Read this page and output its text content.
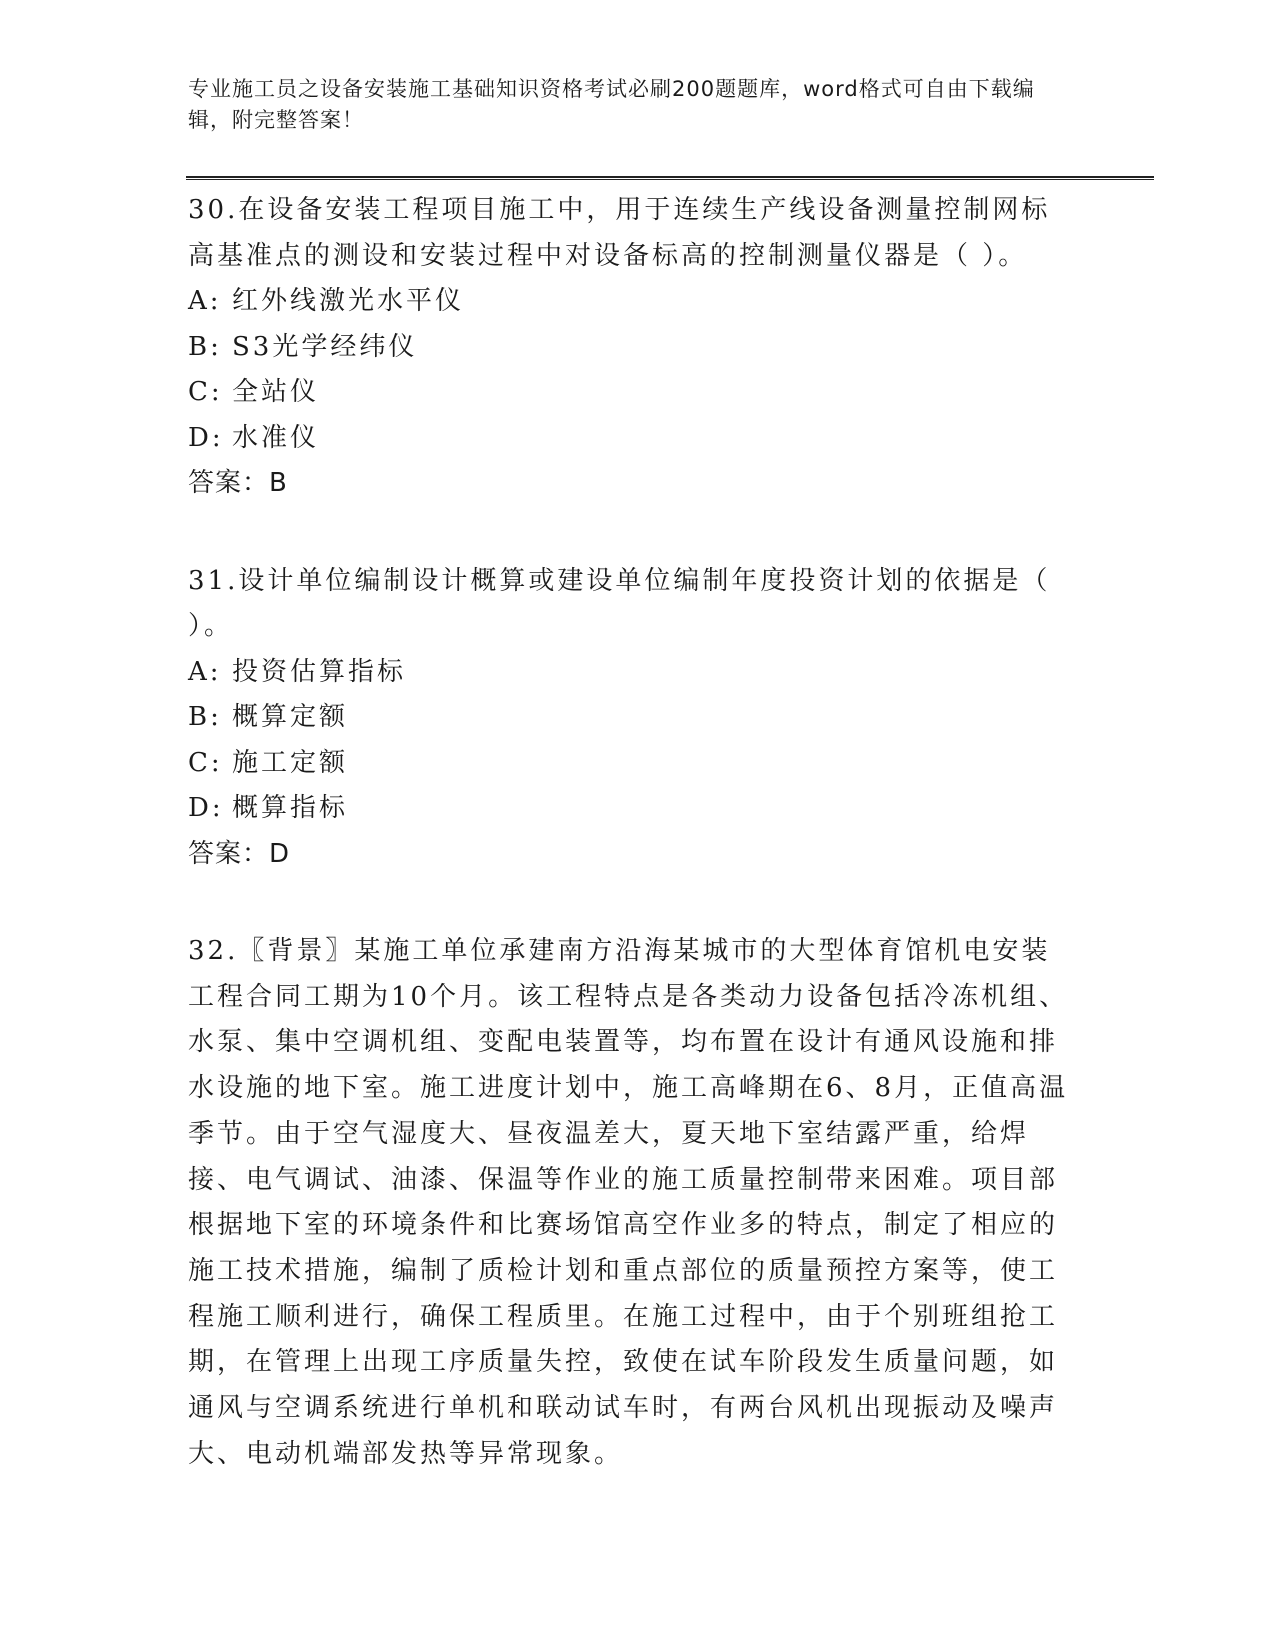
专业施工员之设备安装施工基础知识资格考试必刷200题题库，word格式可自由下载编辑，附完整答案！

30.在设备安装工程项目施工中，用于连续生产线设备测量控制网标高基准点的测设和安装过程中对设备标高的控制测量仪器是（ ）。

A: 红外线激光水平仪

B: S3光学经纬仪

C: 全站仪

D: 水准仪

答案：B

31.设计单位编制设计概算或建设单位编制年度投资计划的依据是（ ）。

A: 投资估算指标

B: 概算定额

C: 施工定额

D: 概算指标

答案：D

32.〖背景〗某施工单位承建南方沿海某城市的大型体育馆机电安装工程合同工期为10个月。该工程特点是各类动力设备包括冷冻机组、水泵、集中空调机组、变配电装置等，均布置在设计有通风设施和排水设施的地下室。施工进度计划中，施工高峰期在6、8月，正值高温季节。由于空气湿度大、昼夜温差大，夏天地下室结露严重，给焊接、电气调试、油漆、保温等作业的施工质量控制带来困难。项目部根据地下室的环境条件和比赛场馆高空作业多的特点，制定了相应的施工技术措施，编制了质检计划和重点部位的质量预控方案等，使工程施工顺利进行，确保工程质里。在施工过程中，由于个别班组抢工期，在管理上出现工序质量失控，致使在试车阶段发生质量问题，如通风与空调系统进行单机和联动试车时，有两台风机出现振动及噪声大、电动机端部发热等异常现象。
